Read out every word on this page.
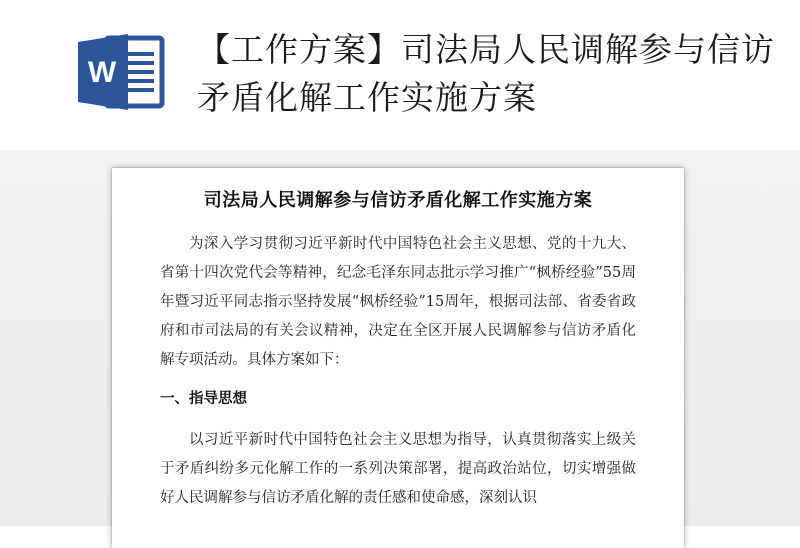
W
【工作方案】司法局人民调解参与信访矛盾化解工作实施方案
司法局人民调解参与信访矛盾化解工作实施方案

为深入学习贯彻习近平新时代中国特色社会主义思想、党的十九大、省第十四次党代会等精神，纪念毛泽东同志批示学习推广“枫桥经验”55周年暨习近平同志指示坚持发展“枫桥经验”15周年，根据司法部、省委省政府和市司法局的有关会议精神，决定在全区开展人民调解参与信访矛盾化解专项活动。具体方案如下：

一、指导思想

以习近平新时代中国特色社会主义思想为指导，认真贯彻落实上级关于矛盾纠纷多元化解工作的一系列决策部署，提高政治站位，切实增强做好人民调解参与信访矛盾化解的责任感和使命感，深刻认识
